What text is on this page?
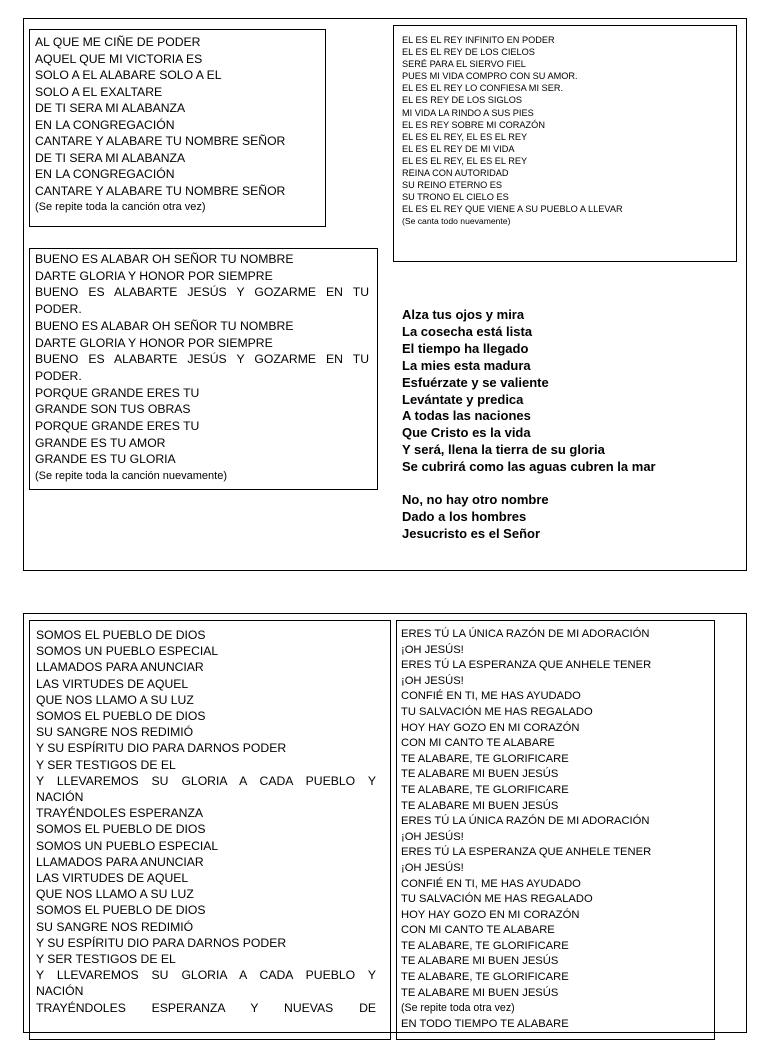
AL QUE ME CIÑE DE PODER
AQUEL QUE MI VICTORIA ES
SOLO A EL ALABARE SOLO A EL
SOLO A EL EXALTARE
DE TI SERA MI ALABANZA
EN LA CONGREGACIÓN
CANTARE Y ALABARE TU NOMBRE SEÑOR
DE TI SERA MI ALABANZA
EN LA CONGREGACIÓN
CANTARE Y ALABARE TU NOMBRE SEÑOR
(Se repite toda la canción otra vez)
EL ES EL REY INFINITO EN PODER
EL ES EL REY DE LOS CIELOS
SERÉ PARA EL SIERVO FIEL
PUES MI VIDA COMPRO CON SU AMOR.
EL ES EL REY LO CONFIESA MI SER.
EL ES REY DE LOS SIGLOS
MI VIDA LA RINDO A SUS PIES
EL ES REY SOBRE MI CORAZÓN
EL ES EL REY, EL ES EL REY
EL ES EL REY DE MI VIDA
EL ES EL REY, EL ES EL REY
REINA CON AUTORIDAD
SU REINO ETERNO ES
SU TRONO EL CIELO ES
EL ES EL REY QUE VIENE A SU PUEBLO A LLEVAR
(Se canta todo nuevamente)
BUENO ES ALABAR OH SEÑOR TU NOMBRE
DARTE GLORIA Y HONOR POR SIEMPRE
BUENO ES ALABARTE JESÚS Y GOZARME EN TU
PODER.
BUENO ES ALABAR OH SEÑOR TU NOMBRE
DARTE GLORIA Y HONOR POR SIEMPRE
BUENO ES ALABARTE JESÚS Y GOZARME EN TU
PODER.
PORQUE GRANDE ERES TU
GRANDE SON TUS OBRAS
PORQUE GRANDE ERES TU
GRANDE ES TU AMOR
GRANDE ES TU GLORIA
(Se repite toda la canción nuevamente)
Alza tus ojos y mira
La cosecha está lista
El tiempo ha llegado
La mies esta madura
Esfuérzate y se valiente
Levántate y predica
A todas las naciones
Que Cristo es la vida
Y será, llena la tierra de su gloria
Se cubrirá como las aguas cubren la mar
No, no hay otro nombre
Dado a los hombres
Jesucristo es el Señor
SOMOS EL PUEBLO DE DIOS
SOMOS UN PUEBLO ESPECIAL
LLAMADOS PARA ANUNCIAR
LAS VIRTUDES DE AQUEL
QUE NOS LLAMO A SU LUZ
SOMOS EL PUEBLO DE DIOS
SU SANGRE NOS REDIMIÓ
Y SU ESPÍRITU DIO PARA DARNOS PODER
Y SER TESTIGOS DE EL
Y LLEVAREMOS SU GLORIA A CADA PUEBLO Y
NACIÓN
TRAYÉNDOLES ESPERANZA
SOMOS EL PUEBLO DE DIOS
SOMOS UN PUEBLO ESPECIAL
LLAMADOS PARA ANUNCIAR
LAS VIRTUDES DE AQUEL
QUE NOS LLAMO A SU LUZ
SOMOS EL PUEBLO DE DIOS
SU SANGRE NOS REDIMIÓ
Y SU ESPÍRITU DIO PARA DARNOS PODER
Y SER TESTIGOS DE EL
Y LLEVAREMOS SU GLORIA A CADA PUEBLO Y
NACIÓN
TRAYÉNDOLES ESPERANZA Y NUEVAS DE
ERES TÚ LA ÚNICA RAZÓN DE MI ADORACIÓN
¡OH JESÚS!
ERES TÚ LA ESPERANZA QUE ANHELE TENER
¡OH JESÚS!
CONFIÉ EN TI, ME HAS AYUDADO
TU SALVACIÓN ME HAS REGALADO
HOY HAY GOZO EN MI CORAZÓN
CON MI CANTO TE ALABARE
TE ALABARE, TE GLORIFICARE
TE ALABARE MI BUEN JESÚS
TE ALABARE, TE GLORIFICARE
TE ALABARE MI BUEN JESÚS
ERES TÚ LA ÚNICA RAZÓN DE MI ADORACIÓN
¡OH JESÚS!
ERES TÚ LA ESPERANZA QUE ANHELE TENER
¡OH JESÚS!
CONFIÉ EN TI, ME HAS AYUDADO
TU SALVACIÓN ME HAS REGALADO
HOY HAY GOZO EN MI CORAZÓN
CON MI CANTO TE ALABARE
TE ALABARE, TE GLORIFICARE
TE ALABARE MI BUEN JESÚS
TE ALABARE, TE GLORIFICARE
TE ALABARE MI BUEN JESÚS
(Se repite toda otra vez)
EN TODO TIEMPO TE ALABARE
